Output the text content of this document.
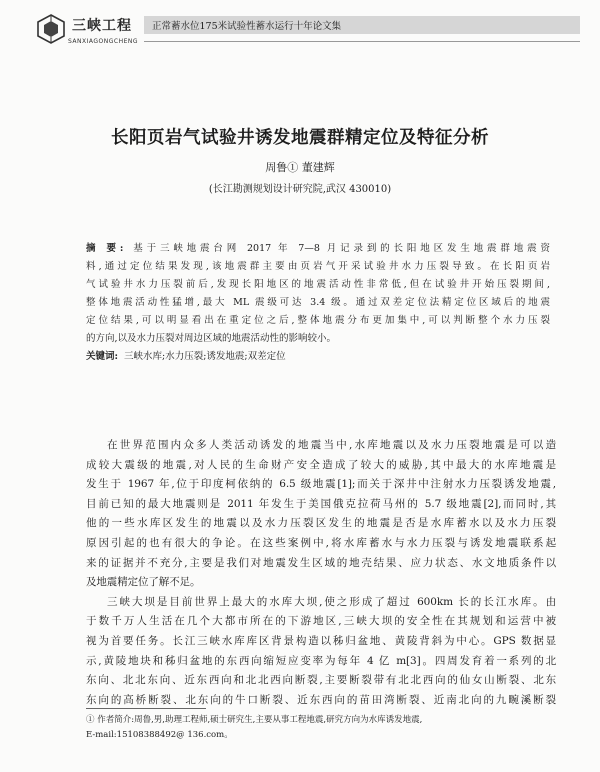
三峡工程
SANXIAGONGCHENG
正常蓄水位175米试验性蓄水运行十年论文集
长阳页岩气试验井诱发地震群精定位及特征分析
周鲁① 董建辉
(长江勘测规划设计研究院,武汉 430010)
摘 要: 基于三峡地震台网 2017 年 7—8 月记录到的长阳地区发生地震群地震资
料,通过定位结果发现,该地震群主要由页岩气开采试验井水力压裂导致。在长阳页岩
气试验井水力压裂前后,发现长阳地区的地震活动性非常低,但在试验井开始压裂期间,
整体地震活动性猛增,最大 ML 震级可达 3.4 级。通过双差定位法精定位区域后的地震
定位结果,可以明显看出在重定位之后,整体地震分布更加集中,可以判断整个水力压裂
的方向,以及水力压裂对周边区域的地震活动性的影响较小。
关键词: 三峡水库;水力压裂;诱发地震;双差定位
在世界范围内众多人类活动诱发的地震当中,水库地震以及水力压裂地震是可以造
成较大震级的地震,对人民的生命财产安全造成了较大的威胁,其中最大的水库地震是
发生于 1967 年,位于印度柯依纳的 6.5 级地震[1];而关于深井中注射水力压裂诱发地震,
目前已知的最大地震则是 2011 年发生于美国俄克拉荷马州的 5.7 级地震[2],而同时,其
他的一些水库区发生的地震以及水力压裂区发生的地震是否是水库蓄水以及水力压裂
原因引起的也有很大的争论。在这些案例中,将水库蓄水与水力压裂与诱发地震联系起
来的证据并不充分,主要是我们对地震发生区域的地壳结果、应力状态、水文地质条件以
及地震精定位了解不足。
三峡大坝是目前世界上最大的水库大坝,使之形成了超过 600km 长的长江水库。由
于数千万人生活在几个大都市所在的下游地区,三峡大坝的安全性在其规划和运营中被
视为首要任务。长江三峡水库库区背景构造以秭归盆地、黄陵背斜为中心。GPS 数据显
示,黄陵地块和秭归盆地的东西向缩短应变率为每年 4 亿 m[3]。四周发育着一系列的北
东向、北北东向、近东西向和北北西向断裂,主要断裂带有北北西向的仙女山断裂、北东
东向的高桥断裂、北东向的牛口断裂、近东西向的苗田湾断裂、近南北向的九畹溪断裂
① 作者简介:周鲁,男,助理工程师,硕士研究生,主要从事工程地震,研究方向为水库诱发地震,
E-mail:15108388492@ 136.com。
